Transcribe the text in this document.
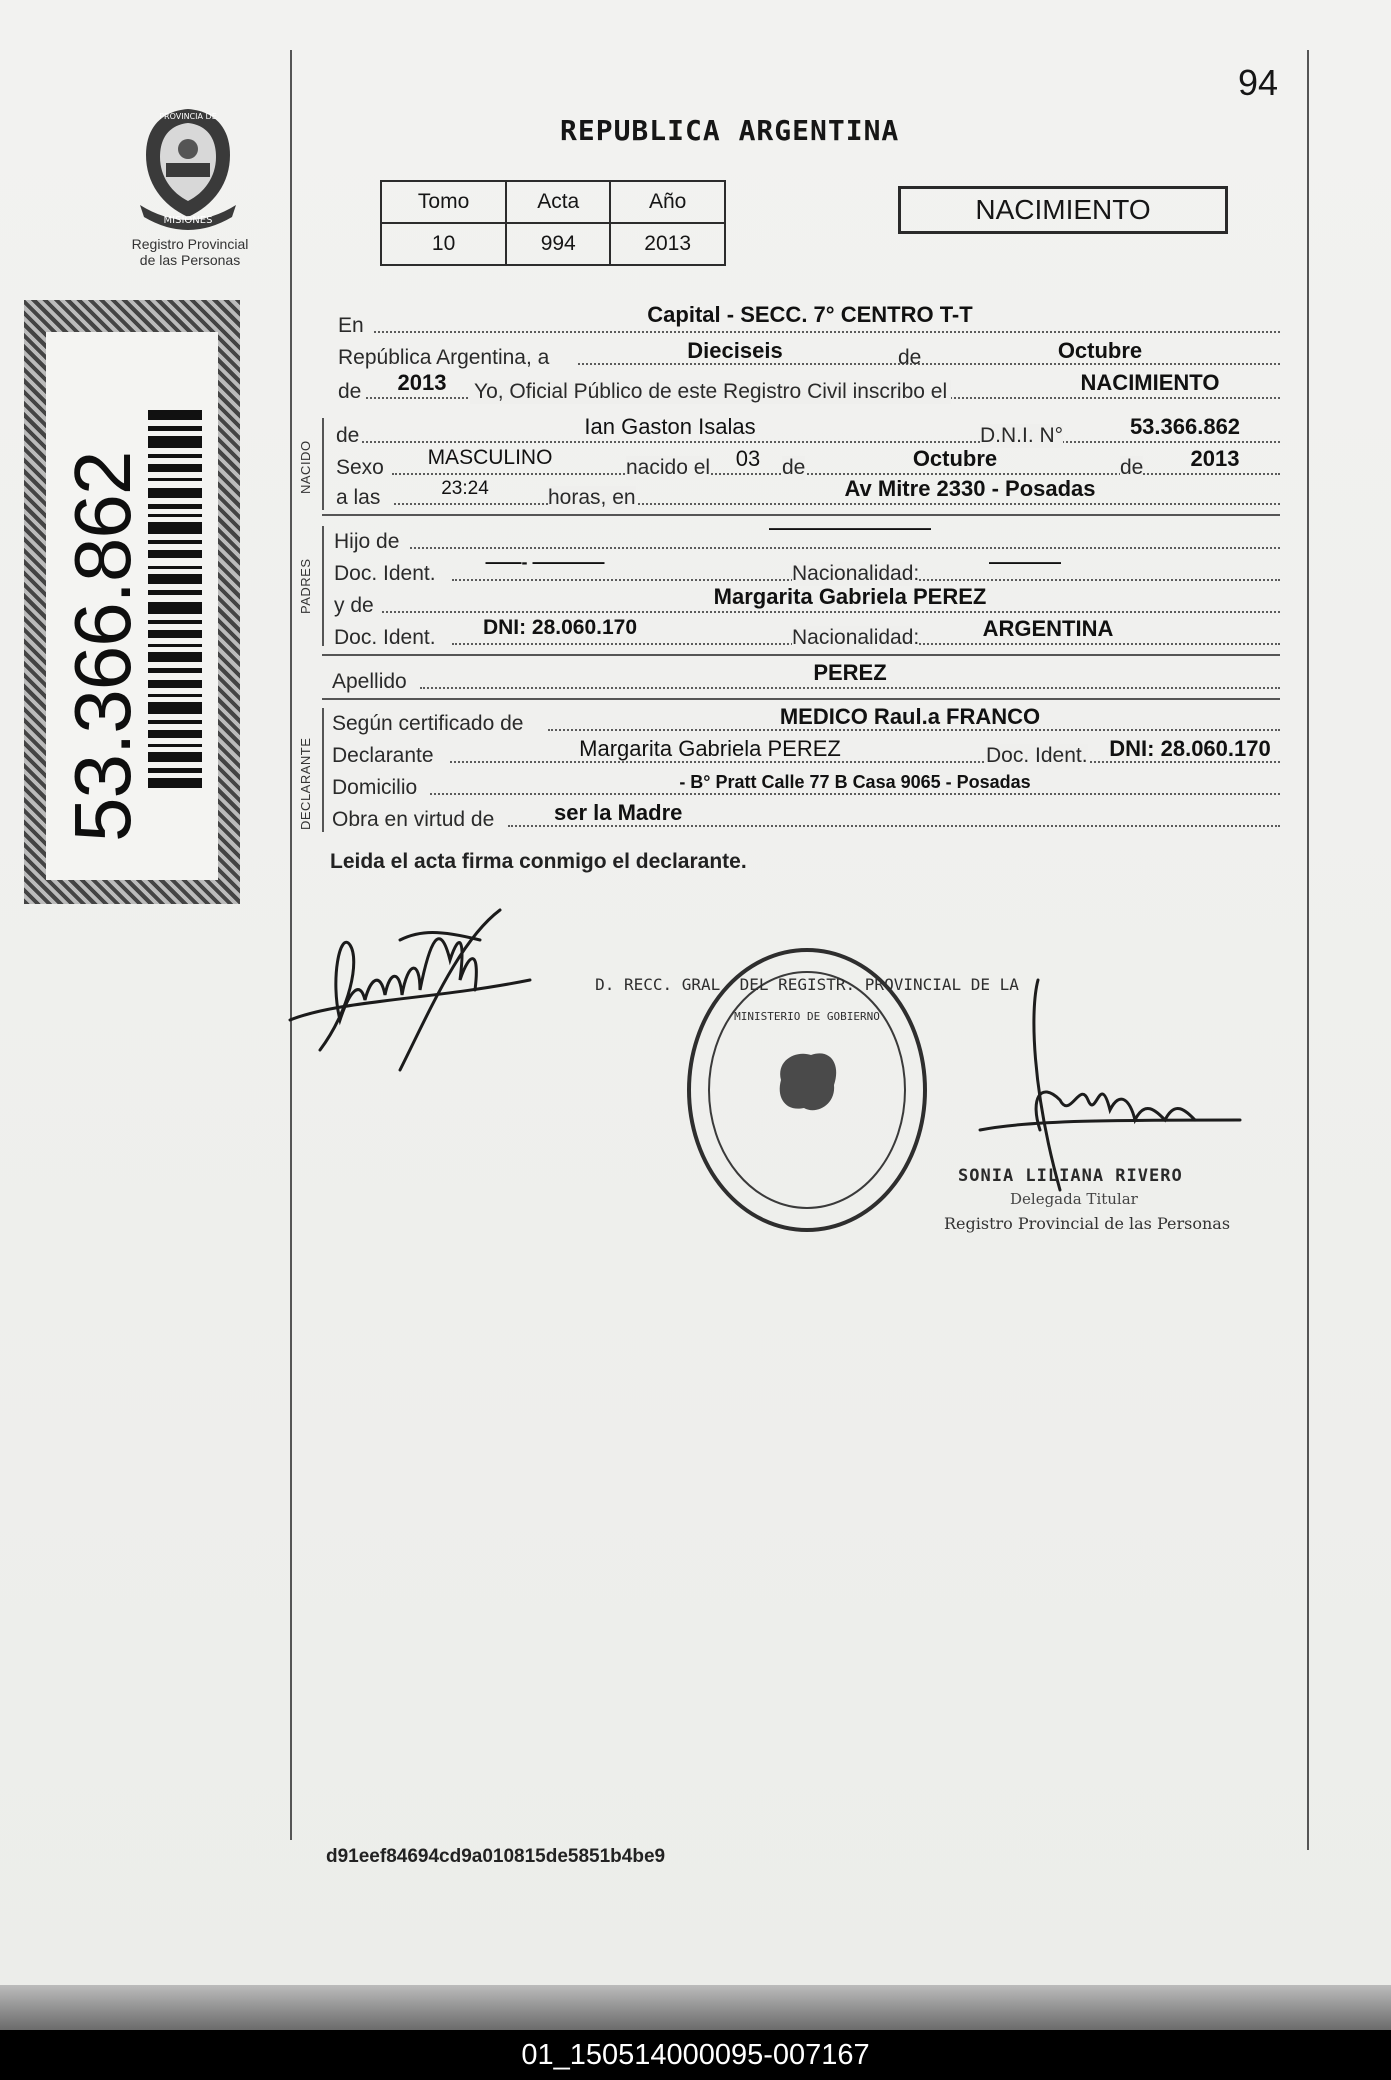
94
PROVINCIA DE
MISIONES
Registro Provincial
de las Personas
53.366.862
REPUBLICA ARGENTINA
Tomo	Acta	Año
10	994	2013
NACIMIENTO
En	Capital - SECC. 7° CENTRO T-T
República Argentina, a	Dieciseis	de	Octubre
de	2013	Yo, Oficial Público de este Registro Civil inscribo el	NACIMIENTO
NACIDO
de	Ian Gaston Isalas	D.N.I. N°	53.366.862
Sexo	MASCULINO	nacido el	03	de	Octubre	de	2013
a las	23:24	horas, en	Av Mitre 2330 - Posadas
PADRES
Hijo de
—————————
Doc. Ident.	——- ————	Nacionalidad:	————
y de	Margarita Gabriela PEREZ
Doc. Ident.	DNI: 28.060.170	Nacionalidad:	ARGENTINA
Apellido	PEREZ
DECLARANTE
Según certificado de	MEDICO Raul.a FRANCO
Declarante	Margarita Gabriela PEREZ	Doc. Ident. DNI: 28.060.170
Domicilio	- B° Pratt Calle 77 B Casa 9065 - Posadas
Obra en virtud de	ser la Madre
Leida el acta firma conmigo el declarante.
D. RECC. GRAL. DEL REGISTR. PROVINCIAL DE LA
MINISTERIO DE GOBIERNO
SONIA LILIANA RIVERO
Delegada Titular
Registro Provincial de las Personas
d91eef84694cd9a010815de5851b4be9
01_150514000095-007167
